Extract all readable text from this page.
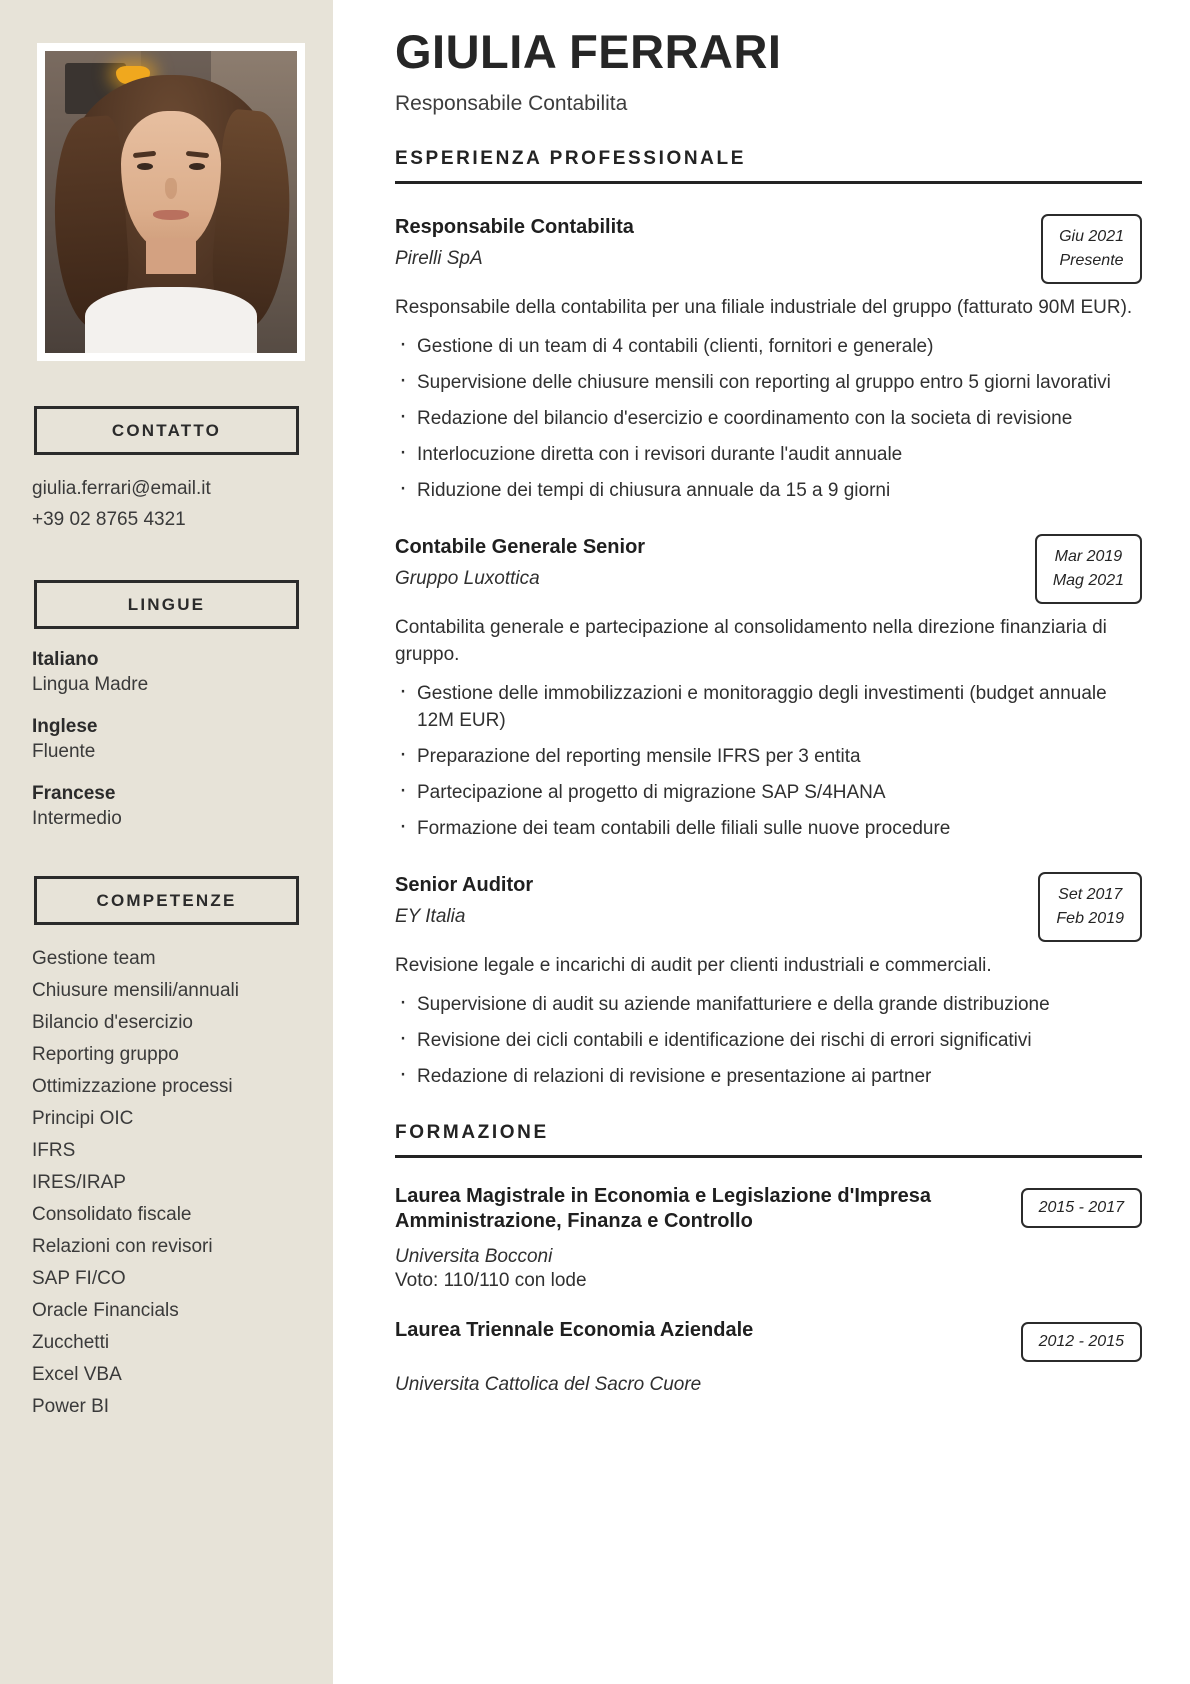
CONTATTO
giulia.ferrari@email.it
+39 02 8765 4321
LINGUE
Italiano
Lingua Madre
Inglese
Fluente
Francese
Intermedio
COMPETENZE
Gestione team
Chiusure mensili/annuali
Bilancio d'esercizio
Reporting gruppo
Ottimizzazione processi
Principi OIC
IFRS
IRES/IRAP
Consolidato fiscale
Relazioni con revisori
SAP FI/CO
Oracle Financials
Zucchetti
Excel VBA
Power BI
GIULIA FERRARI
Responsabile Contabilita
ESPERIENZA PROFESSIONALE
Responsabile Contabilita
Pirelli SpA
Giu 2021
Presente
Responsabile della contabilita per una filiale industriale del gruppo (fatturato 90M EUR).
· Gestione di un team di 4 contabili (clienti, fornitori e generale)
· Supervisione delle chiusure mensili con reporting al gruppo entro 5 giorni lavorativi
· Redazione del bilancio d'esercizio e coordinamento con la societa di revisione
· Interlocuzione diretta con i revisori durante l'audit annuale
· Riduzione dei tempi di chiusura annuale da 15 a 9 giorni
Contabile Generale Senior
Gruppo Luxottica
Mar 2019
Mag 2021
Contabilita generale e partecipazione al consolidamento nella direzione finanziaria di gruppo.
· Gestione delle immobilizzazioni e monitoraggio degli investimenti (budget annuale 12M EUR)
· Preparazione del reporting mensile IFRS per 3 entita
· Partecipazione al progetto di migrazione SAP S/4HANA
· Formazione dei team contabili delle filiali sulle nuove procedure
Senior Auditor
EY Italia
Set 2017
Feb 2019
Revisione legale e incarichi di audit per clienti industriali e commerciali.
· Supervisione di audit su aziende manifatturiere e della grande distribuzione
· Revisione dei cicli contabili e identificazione dei rischi di errori significativi
· Redazione di relazioni di revisione e presentazione ai partner
FORMAZIONE
Laurea Magistrale in Economia e Legislazione d'Impresa Amministrazione, Finanza e Controllo
2015 - 2017
Universita Bocconi
Voto: 110/110 con lode
Laurea Triennale Economia Aziendale
2012 - 2015
Universita Cattolica del Sacro Cuore
